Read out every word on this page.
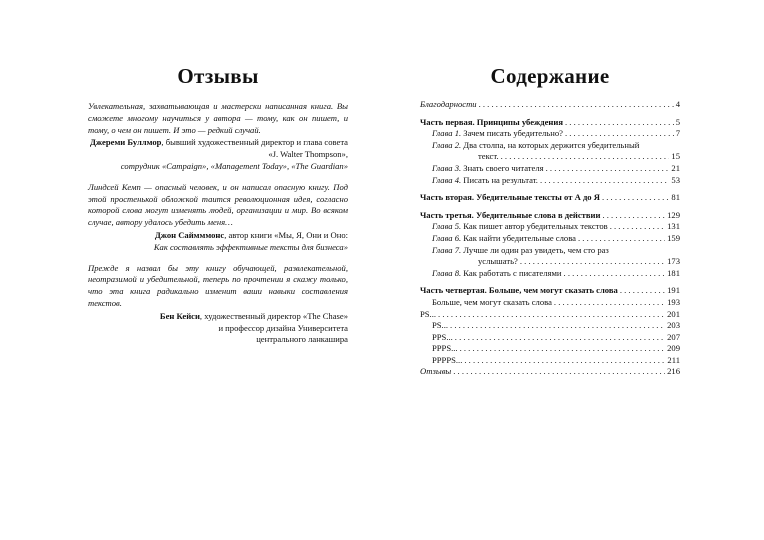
Отзывы

Увлекательная, захватывающая и мастерски написанная книга. Вы сможете многому научиться у автора — тому, как он пишет, и тому, о чем он пишет. И это — редкий случай.

Джереми Буллмор, бывший художественный директор и глава совета «J. Walter Thompson»,
сотрудник «Campaign», «Management Today», «The Guardian»

Линдсей Кемп — опасный человек, и он написал опасную книгу. Под этой простенькой обложкой таится революционная идея, согласно которой слова могут изменять людей, организации и мир. Во всяком случае, автору удалось убедить меня…

Джон Саймммонс, автор книги «Мы, Я, Они и Оно:
Как составлять эффективные тексты для бизнеса»

Прежде я назвал бы эту книгу обучающей, развлекательной, неотразимой и убедительной, теперь по прочтении я скажу только, что эта книга радикально изменит ваши навыки составления текстов.

Бен Кейси, художественный директор «The Chase»
и профессор дизайна Университета
центрального ланкашира

Содержание
Благодарности . . .	4
Часть первая. Принципы убеждения . . .	5
Глава 1. Зачем писать убедительно? . . .	7
Глава 2. Два столпа, на которых держится убедительный
текст. . . .	15
Глава 3. Знать своего читателя . . .	21
Глава 4. Писать на результат. . . .	53
Часть вторая. Убедительные тексты от А до Я . . .	81
Часть третья. Убедительные слова в действии . . .	129
Глава 5. Как пишет автор убедительных текстов . . .	131
Глава 6. Как найти убедительные слова . . .	159
Глава 7. Лучше ли один раз увидеть, чем сто раз
услышать? . . .	173
Глава 8. Как работать с писателями . . .	181
Часть четвертая. Больше, чем могут сказать слова . . .	191
Больше, чем могут сказать слова . . .	193
PS... . . .	201
PS... . . .	203
PPS... . . .	207
PPPS... . . .	209
PPPPS... . . .	211
Отзывы . . .	216
